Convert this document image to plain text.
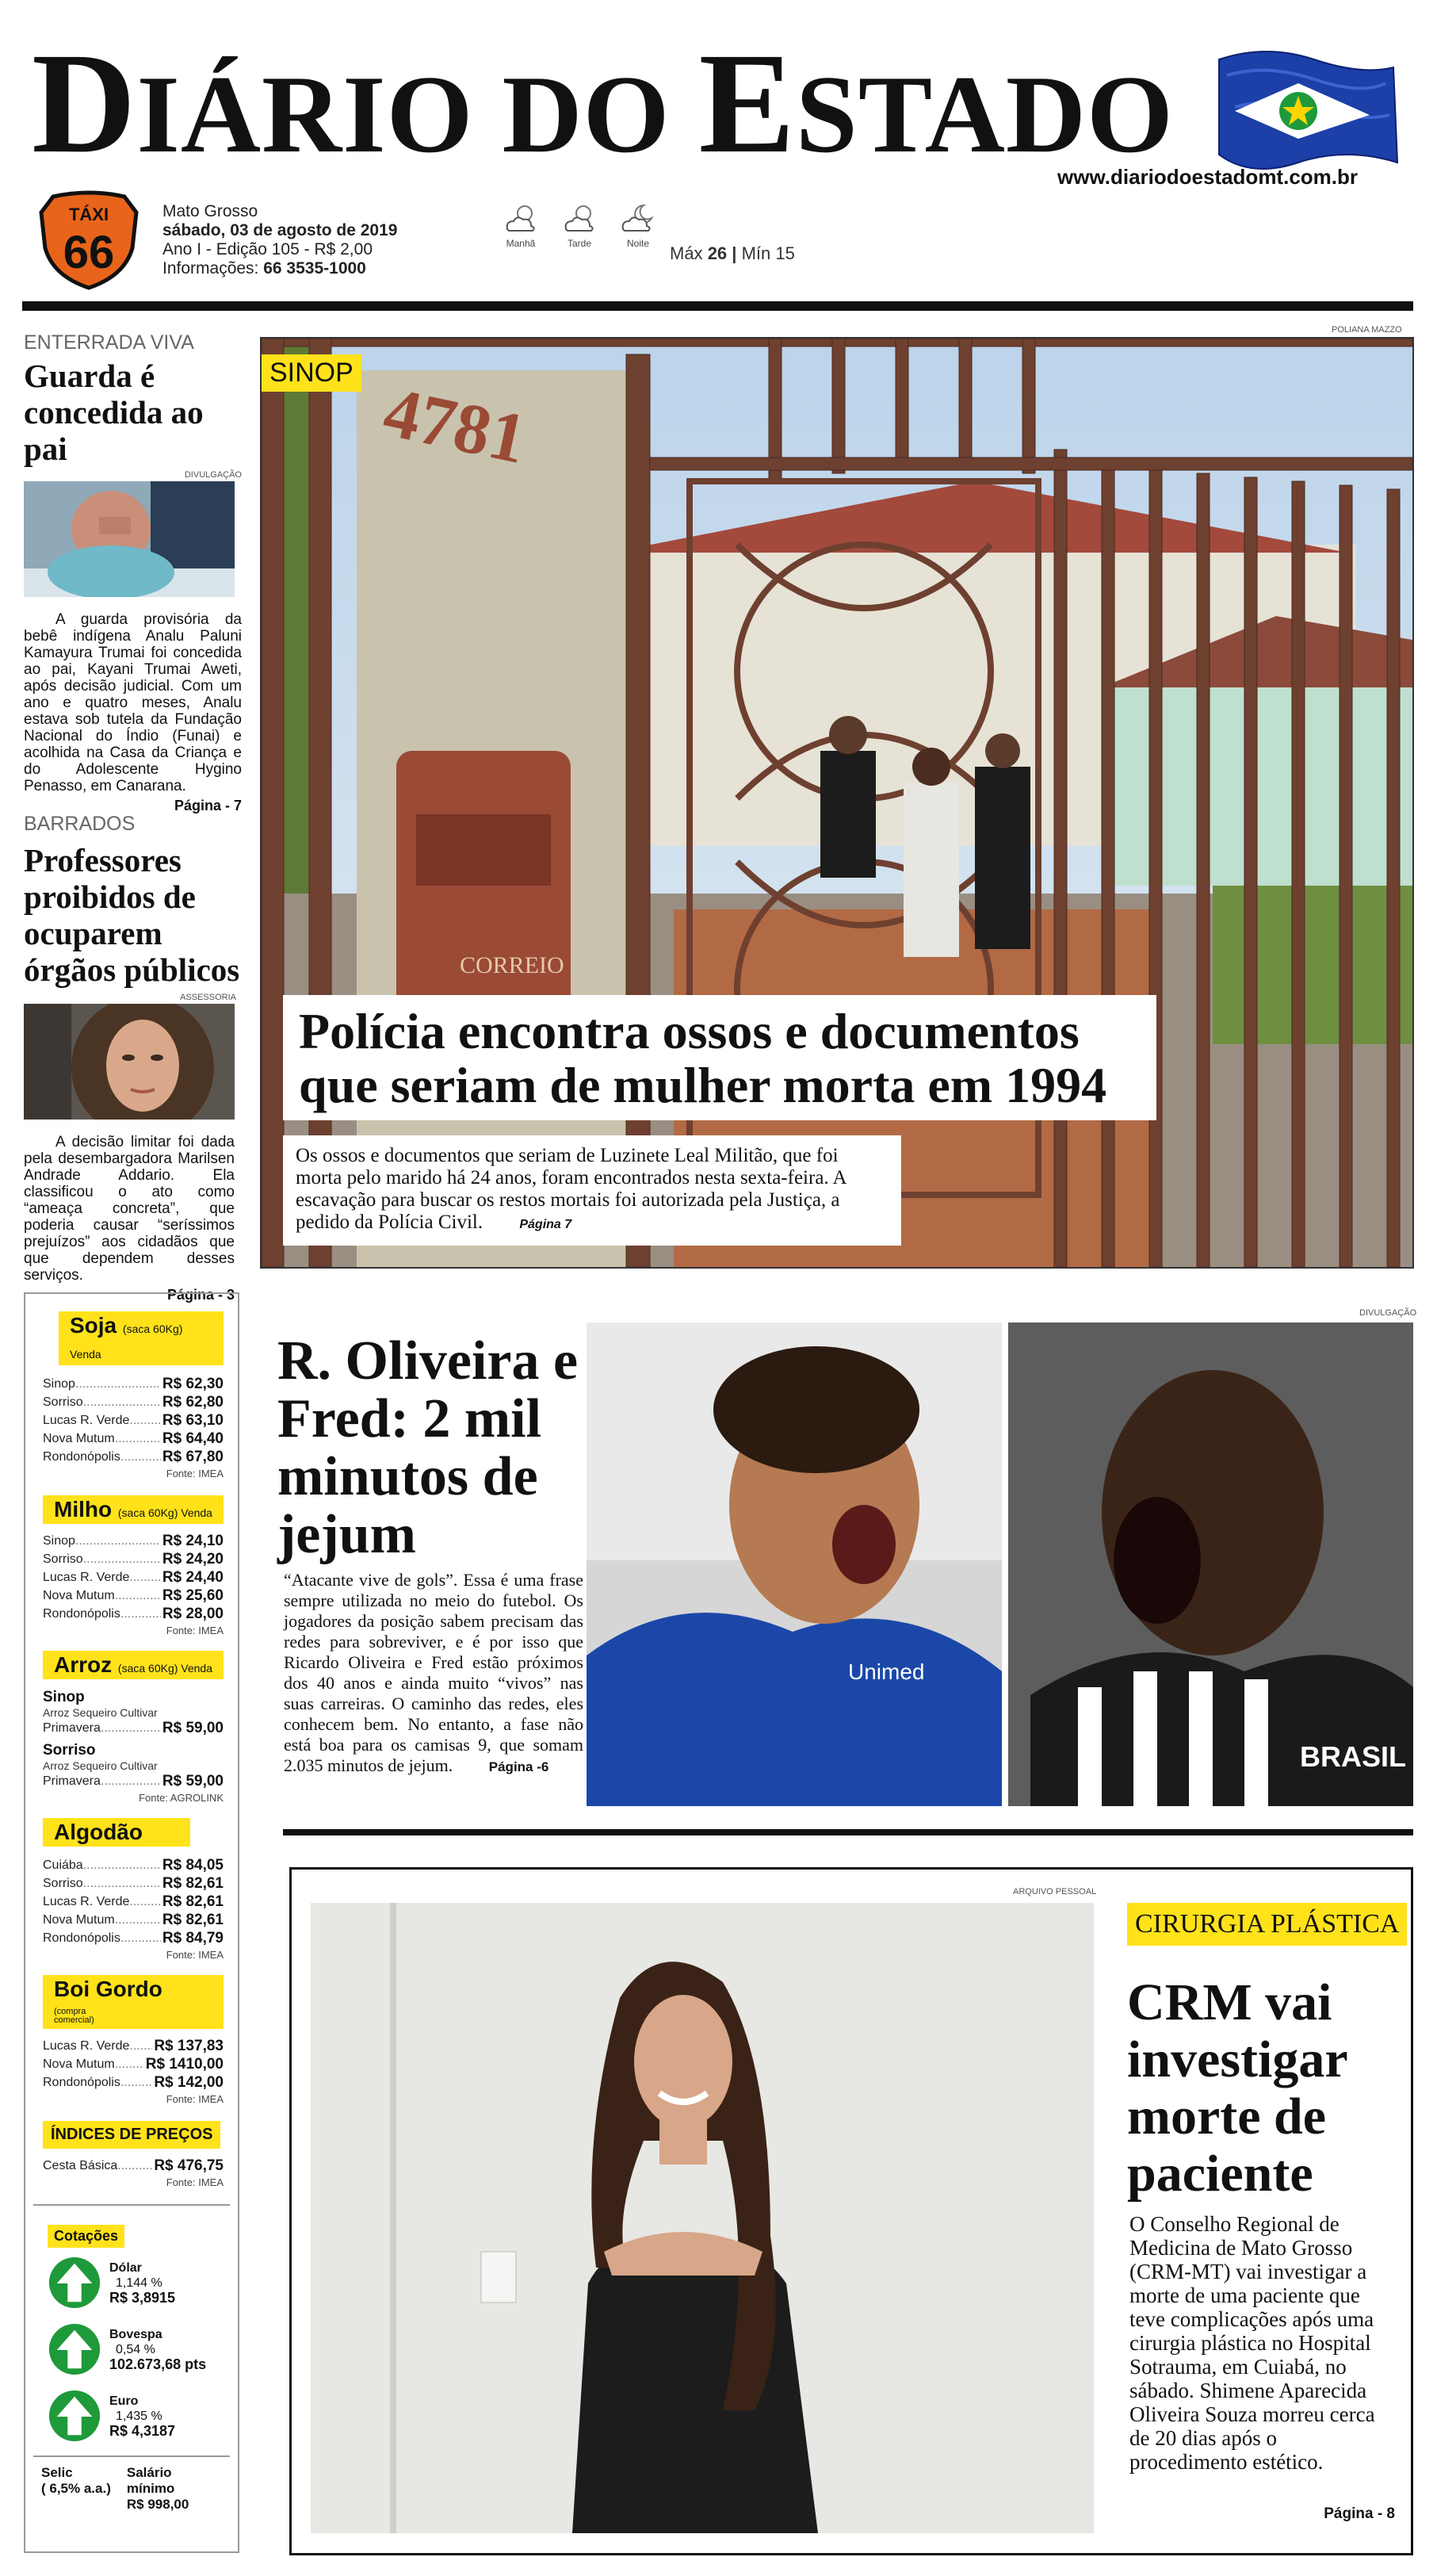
DIÁRIO DO ESTADO
www.diariodoestadomt.com.br
TÁXI
66
Mato Grosso
sábado, 03 de agosto de 2019
Ano I - Edição 105 - R$ 2,00
Informações: 66 3535-1000
Manhã	Tarde	Noite	Máx 26 | Mín 15
ENTERRADA VIVA
Guarda é concedida ao pai
DIVULGAÇÃO
A guarda provisória da bebê indígena Analu Paluni Kamayura Trumai foi concedida ao pai, Kayani Trumai Aweti, após decisão judicial. Com um ano e quatro meses, Analu estava sob tutela da Fundação Nacional do Índio (Funai) e acolhida na Casa da Criança e do Adolescente Hygino Penasso, em Canarana.
Página - 7
BARRADOS
Professores proibidos de ocuparem órgãos públicos
ASSESSORIA
A decisão limitar foi dada pela desembargadora Marilsen Andrade Addario. Ela classificou o ato como “ameaça concreta”, que poderia causar “seríssimos prejuízos” aos cidadãos que que dependem desses serviços.
Página - 3
POLIANA MAZZO
CORREIO
4781
SINOP
Polícia encontra ossos e documentos que seriam de mulher morta em 1994
Os ossos e documentos que seriam de Luzinete Leal Militão, que foi morta pelo marido há 24 anos, foram encontrados nesta sexta-feira. A escavação para buscar os restos mortais foi autorizada pela Justiça, a pedido da Polícia Civil.	Página 7
Soja (saca 60Kg) Venda
Sinop .....	R$ 62,30
Sorriso .....	R$ 62,80
Lucas R. Verde .....	R$ 63,10
Nova Mutum .....	R$ 64,40
Rondonópolis .....	R$ 67,80
Fonte: IMEA
Milho (saca 60Kg) Venda
Sinop .....	R$ 24,10
Sorriso .....	R$ 24,20
Lucas R. Verde .....	R$ 24,40
Nova Mutum .....	R$ 25,60
Rondonópolis .....	R$ 28,00
Fonte: IMEA
Arroz (saca 60Kg) Venda
Sinop
Arroz Sequeiro Cultivar
Primavera .....	R$ 59,00
Sorriso
Arroz Sequeiro Cultivar
Primavera .....	R$ 59,00
Fonte: AGROLINK
Algodão
Cuiába .....	R$ 84,05
Sorriso .....	R$ 82,61
Lucas R. Verde .....	R$ 82,61
Nova Mutum .....	R$ 82,61
Rondonópolis .....	R$ 84,79
Fonte: IMEA
Boi Gordo (compra comercial)
Lucas R. Verde .....	R$ 137,83
Nova Mutum .....	R$ 1410,00
Rondonópolis .....	R$ 142,00
Fonte: IMEA
ÍNDICES DE PREÇOS
Cesta Básica .....	R$ 476,75
Fonte: IMEA
Cotações
Dólar
1,144 %
R$ 3,8915
Bovespa
0,54 %
102.673,68 pts
Euro
1,435 %
R$ 4,3187
Selic
( 6,5% a.a.)
Salário mínimo
R$ 998,00
R. Oliveira e Fred: 2 mil minutos de jejum
“Atacante vive de gols”. Essa é uma frase sempre utilizada no meio do futebol. Os jogadores da posição sabem precisam das redes para sobreviver, e é por isso que Ricardo Oliveira e Fred estão próximos dos 40 anos e ainda muito “vivos” nas suas carreiras. O caminho das redes, eles conhecem bem. No entanto, a fase não está boa para os camisas 9, que somam 2.035 minutos de jejum.	Página -6
DIVULGAÇÃO
Unimed
BRASIL
ARQUIVO PESSOAL
CIRURGIA PLÁSTICA
CRM vai investigar morte de paciente
O Conselho Regional de Medicina de Mato Grosso (CRM-MT) vai investigar a morte de uma paciente que teve complicações após uma cirurgia plástica no Hospital Sotrauma, em Cuiabá, no sábado. Shimene Aparecida Oliveira Souza morreu cerca de 20 dias após o procedimento estético.
Página - 8
